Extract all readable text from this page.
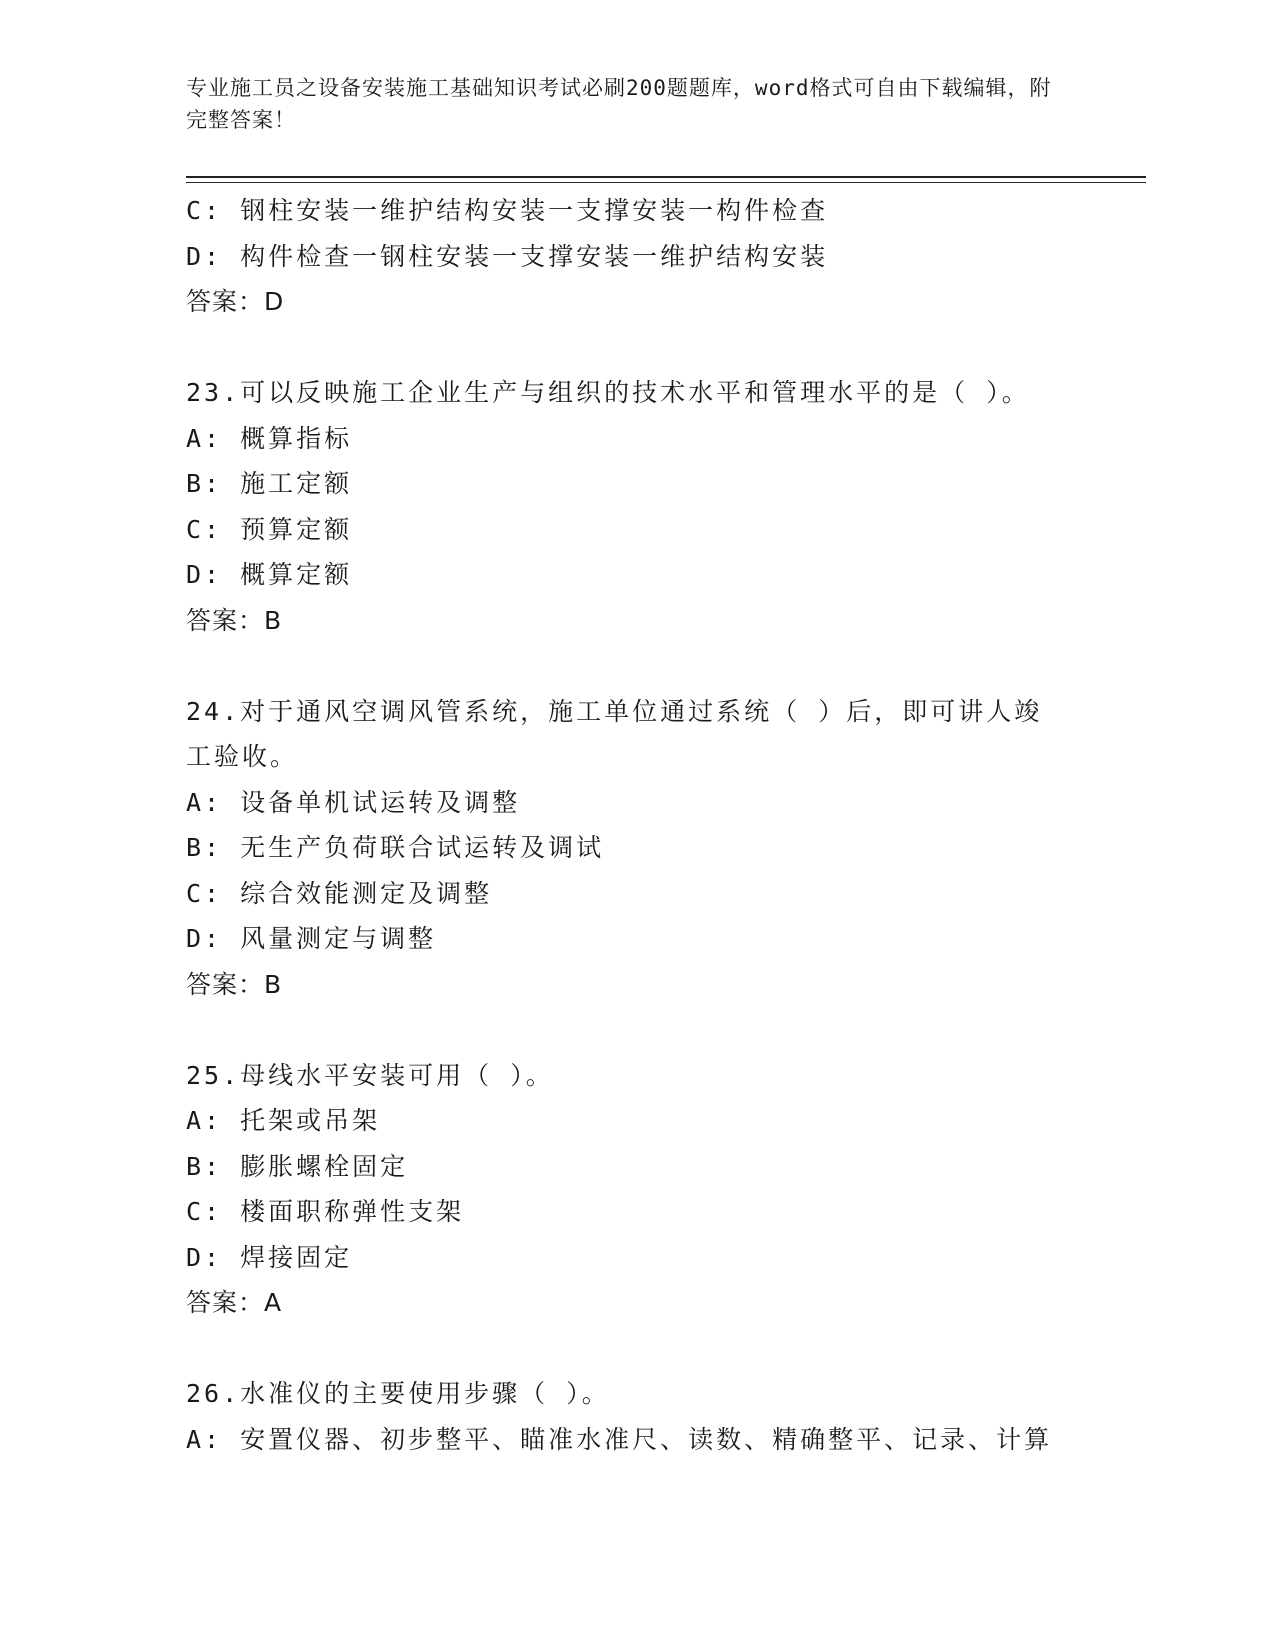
专业施工员之设备安装施工基础知识考试必刷200题题库，word格式可自由下载编辑，附完整答案！
C: 钢柱安装一维护结构安装一支撑安装一构件检查
D: 构件检查一钢柱安装一支撑安装一维护结构安装
答案：D
23.可以反映施工企业生产与组织的技术水平和管理水平的是（ ）。
A: 概算指标
B: 施工定额
C: 预算定额
D: 概算定额
答案：B
24.对于通风空调风管系统，施工单位通过系统（ ）后，即可讲人竣工验收。
A: 设备单机试运转及调整
B: 无生产负荷联合试运转及调试
C: 综合效能测定及调整
D: 风量测定与调整
答案：B
25.母线水平安装可用（ ）。
A: 托架或吊架
B: 膨胀螺栓固定
C: 楼面职称弹性支架
D: 焊接固定
答案：A
26.水准仪的主要使用步骤（ ）。
A: 安置仪器、初步整平、瞄准水准尺、读数、精确整平、记录、计算
